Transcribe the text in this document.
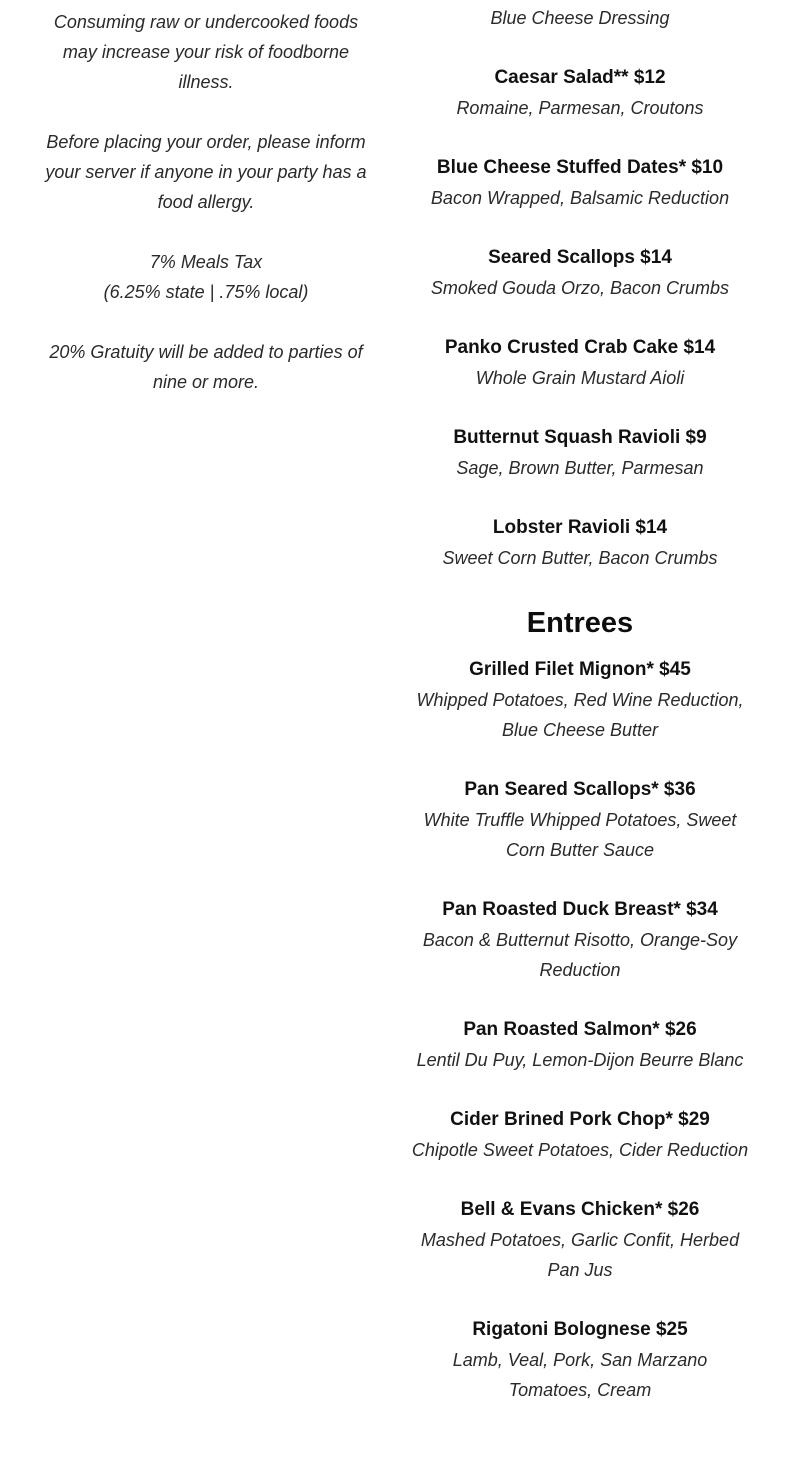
Consuming raw or undercooked foods may increase your risk of foodborne illness.
Before placing your order, please inform your server if anyone in your party has a food allergy.
7% Meals Tax
(6.25% state | .75% local)
20% Gratuity will be added to parties of nine or more.
Blue Cheese Dressing
Caesar Salad** $12
Romaine, Parmesan, Croutons
Blue Cheese Stuffed Dates* $10
Bacon Wrapped, Balsamic Reduction
Seared Scallops $14
Smoked Gouda Orzo, Bacon Crumbs
Panko Crusted Crab Cake $14
Whole Grain Mustard Aioli
Butternut Squash Ravioli $9
Sage, Brown Butter, Parmesan
Lobster Ravioli $14
Sweet Corn Butter, Bacon Crumbs
Entrees
Grilled Filet Mignon* $45
Whipped Potatoes, Red Wine Reduction, Blue Cheese Butter
Pan Seared Scallops* $36
White Truffle Whipped Potatoes, Sweet Corn Butter Sauce
Pan Roasted Duck Breast* $34
Bacon & Butternut Risotto, Orange-Soy Reduction
Pan Roasted Salmon* $26
Lentil Du Puy, Lemon-Dijon Beurre Blanc
Cider Brined Pork Chop* $29
Chipotle Sweet Potatoes, Cider Reduction
Bell & Evans Chicken* $26
Mashed Potatoes, Garlic Confit, Herbed Pan Jus
Rigatoni Bolognese $25
Lamb, Veal, Pork, San Marzano Tomatoes, Cream
